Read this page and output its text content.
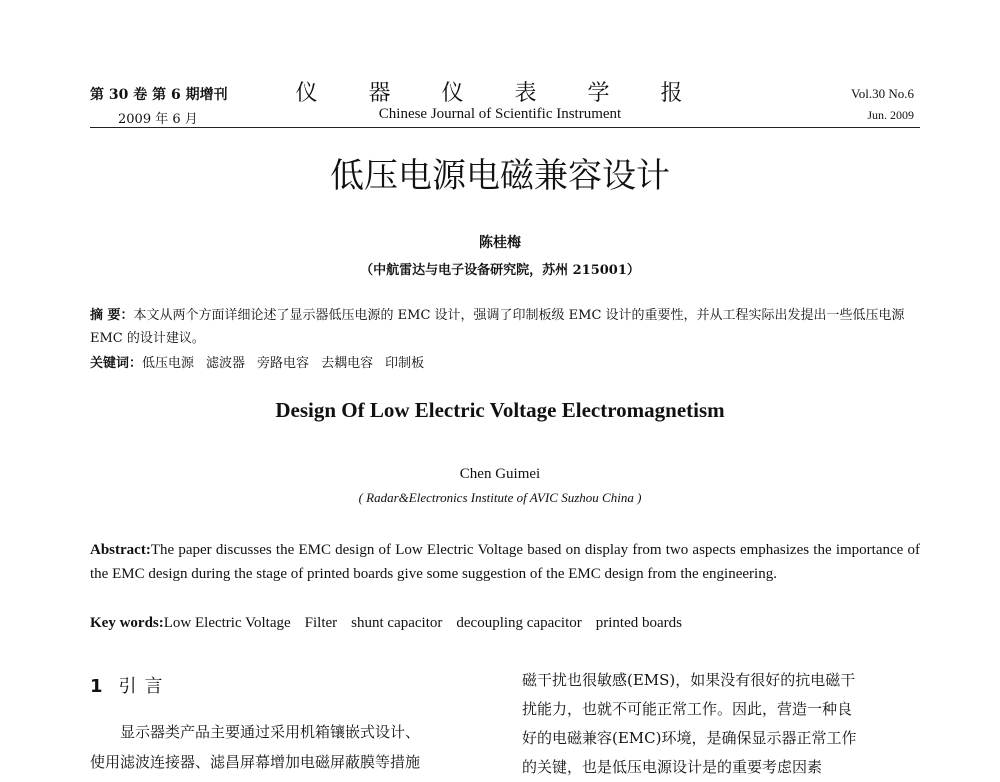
第 30 卷 第 6 期增刊
2009 年 6 月
仪 器 仪 表 学 报
Chinese Journal of Scientific Instrument
Vol.30 No.6
Jun. 2009
低压电源电磁兼容设计
陈桂梅
（中航雷达与电子设备研究院，苏州 215001）
摘 要：本文从两个方面详细论述了显示器低压电源的 EMC 设计，强调了印制板级 EMC 设计的重要性，并从工程实际出发提出一些低压电源 EMC 的设计建议。
关键词：低压电源 滤波器 旁路电容 去耦电容 印制板
Design Of Low Electric Voltage Electromagnetism
Chen Guimei
( Radar&Electronics Institute of AVIC Suzhou China )
Abstract:The paper discusses the EMC design of Low Electric Voltage based on display from two aspects emphasizes the importance of the EMC design during the stage of printed boards give some suggestion of the EMC design from the engineering.
Key words:Low Electric Voltage Filter shunt capacitor decoupling capacitor printed boards
1 引言
显示器类产品主要通过采用机箱镶嵌式设计、
使用滤波连接器、滤昌屏幕增加电磁屏蔽膜等措施
磁干扰也很敏感(EMS)，如果没有很好的抗电磁干
扰能力，也就不可能正常工作。因此，营造一种良
好的电磁兼容(EMC)环境，是确保显示器正常工作
的关键，也是低压电源设计是的重要考虑因素
